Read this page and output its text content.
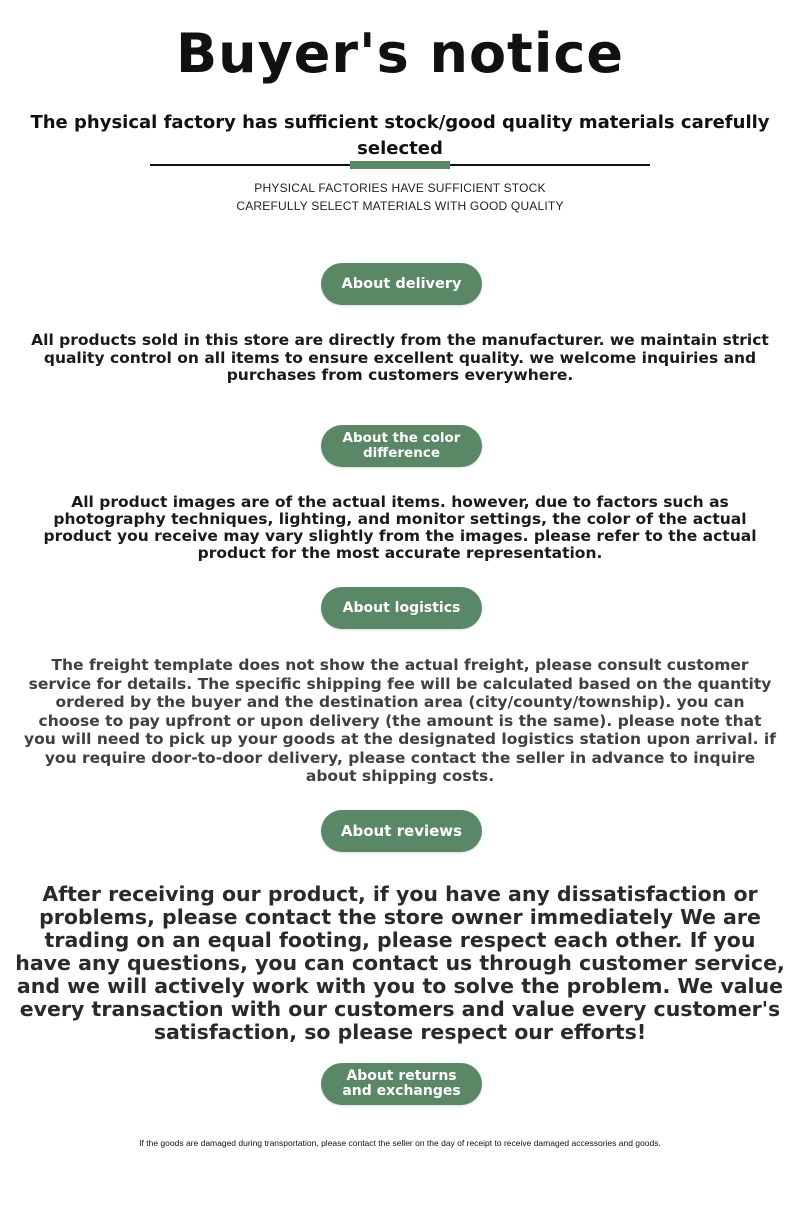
Buyer's notice
The physical factory has sufficient stock/good quality materials carefully selected
PHYSICAL FACTORIES HAVE SUFFICIENT STOCK
CAREFULLY SELECT MATERIALS WITH GOOD QUALITY
About delivery
All products sold in this store are directly from the manufacturer. we maintain strict quality control on all items to ensure excellent quality. we welcome inquiries and purchases from customers everywhere.
About the color
difference
All product images are of the actual items. however, due to factors such as photography techniques, lighting, and monitor settings, the color of the actual product you receive may vary slightly from the images. please refer to the actual product for the most accurate representation.
About logistics
The freight template does not show the actual freight, please consult customer service for details. The specific shipping fee will be calculated based on the quantity ordered by the buyer and the destination area (city/county/township). you can choose to pay upfront or upon delivery (the amount is the same). please note that you will need to pick up your goods at the designated logistics station upon arrival. if you require door-to-door delivery, please contact the seller in advance to inquire about shipping costs.
About reviews
After receiving our product, if you have any dissatisfaction or problems, please contact the store owner immediately We are trading on an equal footing, please respect each other. If you have any questions, you can contact us through customer service, and we will actively work with you to solve the problem. We value every transaction with our customers and value every customer's satisfaction, so please respect our efforts!
About returns
and exchanges
If the goods are damaged during transportation, please contact the seller on the day of receipt to receive damaged accessories and goods.
